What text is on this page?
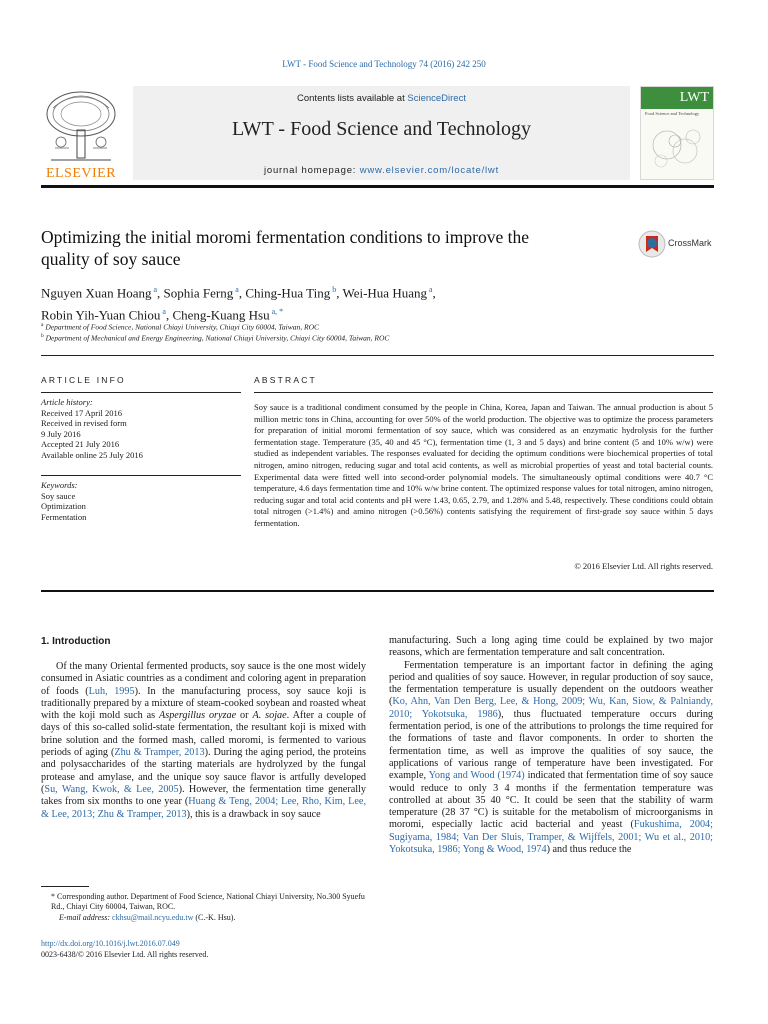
LWT - Food Science and Technology 74 (2016) 242 250
ELSEVIER
Contents lists available at ScienceDirect
LWT - Food Science and Technology
journal homepage: www.elsevier.com/locate/lwt
LWT
Food Science and Technology
Optimizing the initial moromi fermentation conditions to improve the
quality of soy sauce
CrossMark
Nguyen Xuan Hoang $^a$, Sophia Ferng $^a$, Ching-Hua Ting $^b$, Wei-Hua Huang $^a$,
Robin Yih-Yuan Chiou $^a$, Cheng-Kuang Hsu $^{a, *}$
$^a$ Department of Food Science, National Chiayi University, Chiayi City 60004, Taiwan, ROC
$^b$ Department of Mechanical and Energy Engineering, National Chiayi University, Chiayi City 60004, Taiwan, ROC
ARTICLE INFO
Article history:
Received 17 April 2016
Received in revised form
9 July 2016
Accepted 21 July 2016
Available online 25 July 2016
Keywords:
Soy sauce
Optimization
Fermentation
ABSTRACT
Soy sauce is a traditional condiment consumed by the people in China, Korea, Japan and Taiwan. The annual production is about 5 million metric tons in China, accounting for over 50% of the world production. The objective was to optimize the process parameters for preparation of initial moromi fermentation of soy sauce, which was considered as an enzymatic hydrolysis for the further fermentation stage. Temperature (35, 40 and 45 °C), fermentation time (1, 3 and 5 days) and brine content (5 and 10% w/w) were studied as independent variables. The responses evaluated for deciding the optimum conditions were biochemical properties of total nitrogen, amino nitrogen, reducing sugar and total acid contents, as well as microbial properties of yeast and total bacterial counts. Experimental data were fitted well into second-order polynomial models. The simultaneously optimal conditions were 40.7 °C temperature, 4.6 days fermentation time and 10% w/w brine content. The optimized response values for total nitrogen, amino nitrogen, reducing sugar and total acid contents and pH were 1.43, 0.65, 2.79, and 1.28% and 5.48, respectively. These conditions could obtain total nitrogen (>1.4%) and amino nitrogen (>0.56%) contents satisfying the requirement of first-grade soy sauce within 5 days fermentation.
© 2016 Elsevier Ltd. All rights reserved.
1. Introduction

Of the many Oriental fermented products, soy sauce is the one most widely consumed in Asiatic countries as a condiment and coloring agent in preparation of foods (Luh, 1995). In the manufacturing process, soy sauce koji is traditionally prepared by a mixture of steam-cooked soybean and roasted wheat with the koji mold such as Aspergillus oryzae or A. sojae. After a couple of days of this so-called solid-state fermentation, the resultant koji is mixed with brine solution and the formed mash, called moromi, is fermented to various periods of aging (Zhu & Tramper, 2013). During the aging period, the proteins and polysaccharides of the starting materials are hydrolyzed by the fungal protease and amylase, and the unique soy sauce flavor is artfully developed (Su, Wang, Kwok, & Lee, 2005). However, the fermentation time generally takes from six months to one year (Huang & Teng, 2004; Lee, Rho, Kim, Lee, & Lee, 2013; Zhu & Tramper, 2013), this is a drawback in soy sauce

manufacturing. Such a long aging time could be explained by two major reasons, which are fermentation temperature and salt concentration.

Fermentation temperature is an important factor in defining the aging period and qualities of soy sauce. However, in regular production of soy sauce, the fermentation temperature is usually dependent on the outdoors weather (Ko, Ahn, Van Den Berg, Lee, & Hong, 2009; Wu, Kan, Siow, & Palniandy, 2010; Yokotsuka, 1986), thus fluctuated temperature occurs during fermentation period, is one of the attributions to prolongs the time required for the formations of taste and flavor components. In order to shorten the fermentation time, as well as improve the qualities of soy sauce, the applications of various range of temperature have been investigated. For example, Yong and Wood (1974) indicated that fermentation time of soy sauce would reduce to only 3 4 months if the fermentation temperature was controlled at about 35 40 °C. It could be seen that the stability of warm temperature (28 37 °C) is suitable for the metabolism of microorganisms in moromi, especially lactic acid bacterial and yeast (Fukushima, 2004; Sugiyama, 1984; Van Der Sluis, Tramper, & Wijffels, 2001; Wu et al., 2010; Yokotsuka, 1986; Yong & Wood, 1974) and thus reduce the

* Corresponding author. Department of Food Science, National Chiayi University, No.300 Syuefu Rd., Chiayi City 60004, Taiwan, ROC.
E-mail address: ckhsu@mail.ncyu.edu.tw (C.-K. Hsu).
http://dx.doi.org/10.1016/j.lwt.2016.07.049
0023-6438/© 2016 Elsevier Ltd. All rights reserved.
